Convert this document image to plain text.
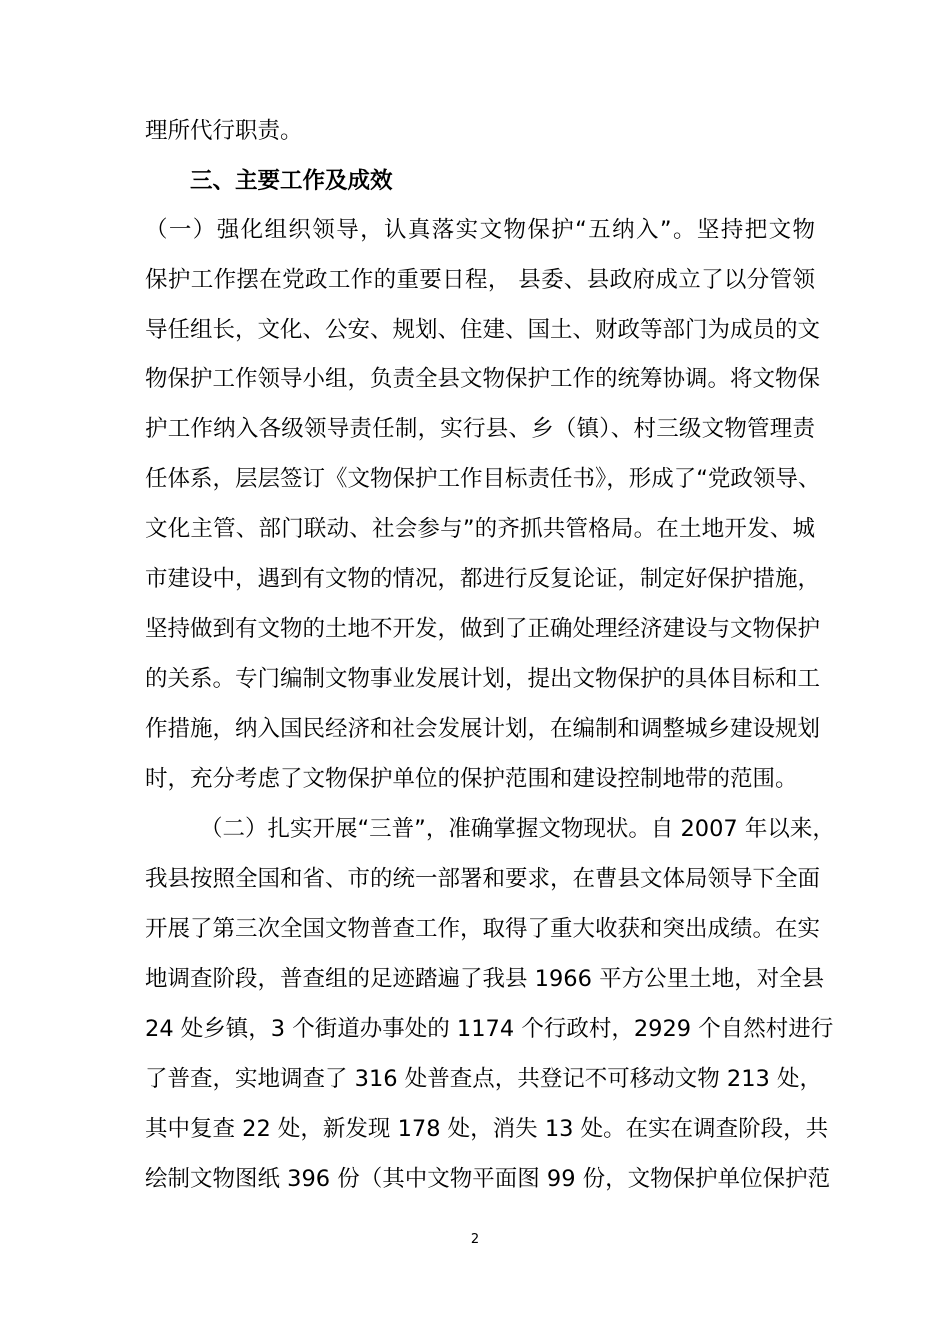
理所代行职责。
三、主要工作及成效
（一）强化组织领导，认真落实文物保护“五纳入”。坚持把文物
保护工作摆在党政工作的重要日程， 县委、县政府成立了以分管领
导任组长，文化、公安、规划、住建、国土、财政等部门为成员的文
物保护工作领导小组，负责全县文物保护工作的统筹协调。将文物保
护工作纳入各级领导责任制，实行县、乡（镇）、村三级文物管理责
任体系，层层签订《文物保护工作目标责任书》，形成了“党政领导、
文化主管、部门联动、社会参与”的齐抓共管格局。在土地开发、城
市建设中，遇到有文物的情况，都进行反复论证，制定好保护措施，
坚持做到有文物的土地不开发，做到了正确处理经济建设与文物保护
的关系。专门编制文物事业发展计划，提出文物保护的具体目标和工
作措施，纳入国民经济和社会发展计划，在编制和调整城乡建设规划
时，充分考虑了文物保护单位的保护范围和建设控制地带的范围。
（二）扎实开展“三普”，准确掌握文物现状。自 2007 年以来，
我县按照全国和省、市的统一部署和要求，在曹县文体局领导下全面
开展了第三次全国文物普查工作，取得了重大收获和突出成绩。在实
地调查阶段，普查组的足迹踏遍了我县 1966 平方公里土地，对全县
24 处乡镇，3 个街道办事处的 1174 个行政村，2929 个自然村进行
了普查，实地调查了 316 处普查点，共登记不可移动文物 213 处，
其中复查 22 处，新发现 178 处，消失 13 处。在实在调查阶段，共
绘制文物图纸 396 份（其中文物平面图 99 份，文物保护单位保护范
2
